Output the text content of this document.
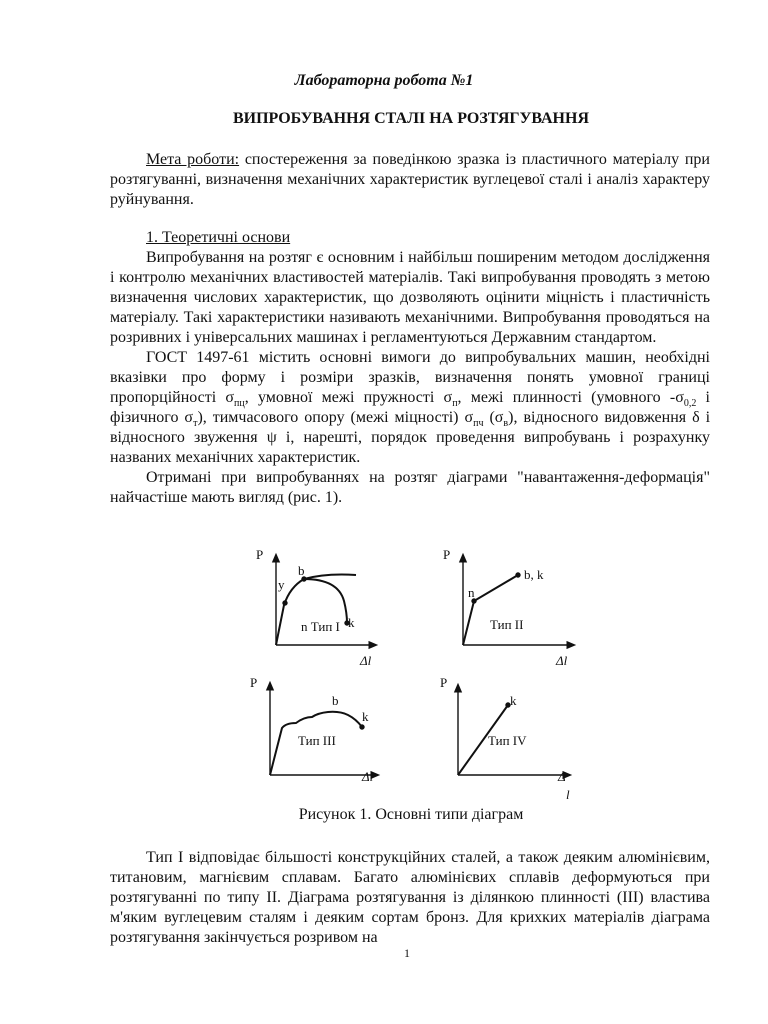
Лабораторна робота №1
ВИПРОБУВАННЯ СТАЛІ НА РОЗТЯГУВАННЯ
Мета роботи: спостереження за поведінкою зразка із пластичного матеріалу при розтягуванні, визначення механічних характеристик вуглецевої сталі і аналіз характеру руйнування.
1. Теоретичні основи
Випробування на розтяг є основним і найбільш поширеним методом дослідження і контролю механічних властивостей матеріалів. Такі випробування проводять з метою визначення числових характеристик, що дозволяють оцінити міцність і пластичність матеріалу. Такі характеристики називають механічними. Випробування проводяться на розривних і універсальних машинах і регламентуються Державним стандартом.
ГОСТ 1497-61 містить основні вимоги до випробувальних машин, необхідні вказівки про форму і розміри зразків, визначення понять умовної границі пропорційності $\sigma_{пц}$, умовної межі пружності $\sigma_п$, межі плинності (умовного $-\sigma_{0,2}$ і фізичного $\sigma_т$), тимчасового опору (межі міцності) $\sigma_{пч}$ $(\sigma_в)$, відносного видовження δ і відносного звуження ψ і, нарешті, порядок проведення випробувань і розрахунку названих механічних характеристик.
Отримані при випробуваннях на розтяг діаграми "навантаження-деформація" найчастіше мають вигляд (рис. 1).
P
y
b
k
n Тип I
Δl
P
n
b, k
Тип II
Δl
P
b
k
Тип III
Δl
P
k
Тип IV
Δ
l
Рисунок 1. Основні типи діаграм
Тип I відповідає більшості конструкційних сталей, а також деяким алюмінієвим, титановим, магнієвим сплавам. Багато алюмінієвих сплавів деформуються при розтягуванні по типу II. Діаграма розтягування із ділянкою плинності (III) властива м'яким вуглецевим сталям і деяким сортам бронз. Для крихких матеріалів діаграма розтягування закінчується розривом на
1
